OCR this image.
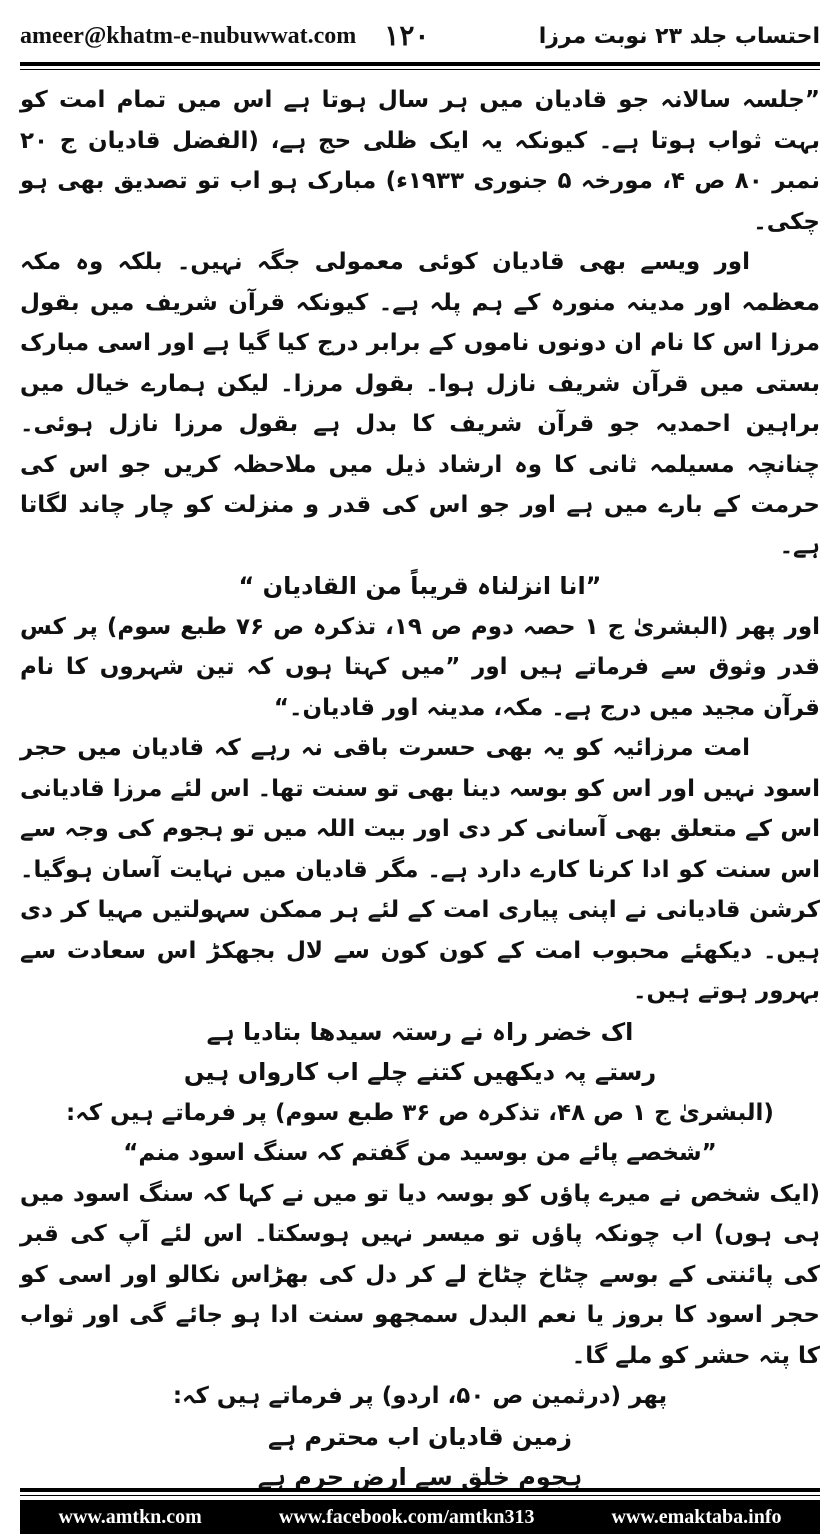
ameer@khatm-e-nubuwwat.com ۱۲۰	احتساب جلد ۲۳ نوبت مرزا

”جلسہ سالانہ جو قادیان میں ہر سال ہوتا ہے اس میں تمام امت کو بہت ثواب ہوتا ہے۔ کیونکہ یہ ایک ظلی حج ہے، (الفضل قادیان ج ۲۰ نمبر ۸۰ ص ۴، مورخہ ۵ جنوری ۱۹۳۳ء) مبارک ہو اب تو تصدیق بھی ہو چکی۔

اور ویسے بھی قادیان کوئی معمولی جگہ نہیں۔ بلکہ وہ مکہ معظمہ اور مدینہ منورہ کے ہم پلہ ہے۔ کیونکہ قرآن شریف میں بقول مرزا اس کا نام ان دونوں ناموں کے برابر درج کیا گیا ہے اور اسی مبارک بستی میں قرآن شریف نازل ہوا۔ بقول مرزا۔ لیکن ہمارے خیال میں براہین احمدیہ جو قرآن شریف کا بدل ہے بقول مرزا نازل ہوئی۔ چنانچہ مسیلمہ ثانی کا وہ ارشاد ذیل میں ملاحظہ کریں جو اس کی حرمت کے بارے میں ہے اور جو اس کی قدر و منزلت کو چار چاند لگاتا ہے۔

”انا انزلناہ قریباً من القادیان “

اور پھر (البشریٰ ج ۱ حصہ دوم ص ۱۹، تذکرہ ص ۷۶ طبع سوم) پر کس قدر وثوق سے فرماتے ہیں اور ”میں کہتا ہوں کہ تین شہروں کا نام قرآن مجید میں درج ہے۔ مکہ، مدینہ اور قادیان۔“

امت مرزائیہ کو یہ بھی حسرت باقی نہ رہے کہ قادیان میں حجر اسود نہیں اور اس کو بوسہ دینا بھی تو سنت تھا۔ اس لئے مرزا قادیانی اس کے متعلق بھی آسانی کر دی اور بیت اللہ میں تو ہجوم کی وجہ سے اس سنت کو ادا کرنا کارے دارد ہے۔ مگر قادیان میں نہایت آسان ہوگیا۔ کرشن قادیانی نے اپنی پیاری امت کے لئے ہر ممکن سہولتیں مہیا کر دی ہیں۔ دیکھئے محبوب امت کے کون کون سے لال بجھکڑ اس سعادت سے بہرور ہوتے ہیں۔

اک خضر راہ نے رستہ سیدھا بتادیا ہے

رستے پہ دیکھیں کتنے چلے اب کارواں ہیں

(البشریٰ ج ۱ ص ۴۸، تذکرہ ص ۳۶ طبع سوم) پر فرماتے ہیں کہ:

”شخصے پائے من بوسید من گفتم کہ سنگ اسود منم“

(ایک شخص نے میرے پاؤں کو بوسہ دیا تو میں نے کہا کہ سنگ اسود میں ہی ہوں) اب چونکہ پاؤں تو میسر نہیں ہوسکتا۔ اس لئے آپ کی قبر کی پائنتی کے بوسے چٹاخ چٹاخ لے کر دل کی بھڑاس نکالو اور اسی کو حجر اسود کا بروز یا نعم البدل سمجھو سنت ادا ہو جائے گی اور ثواب کا پتہ حشر کو ملے گا۔

پھر (درثمین ص ۵۰، اردو) پر فرماتے ہیں کہ:

زمین قادیان اب محترم ہے

ہجوم خلق سے ارض حرم ہے

www.amtkn.com	www.facebook.com/amtkn313	www.emaktaba.info
